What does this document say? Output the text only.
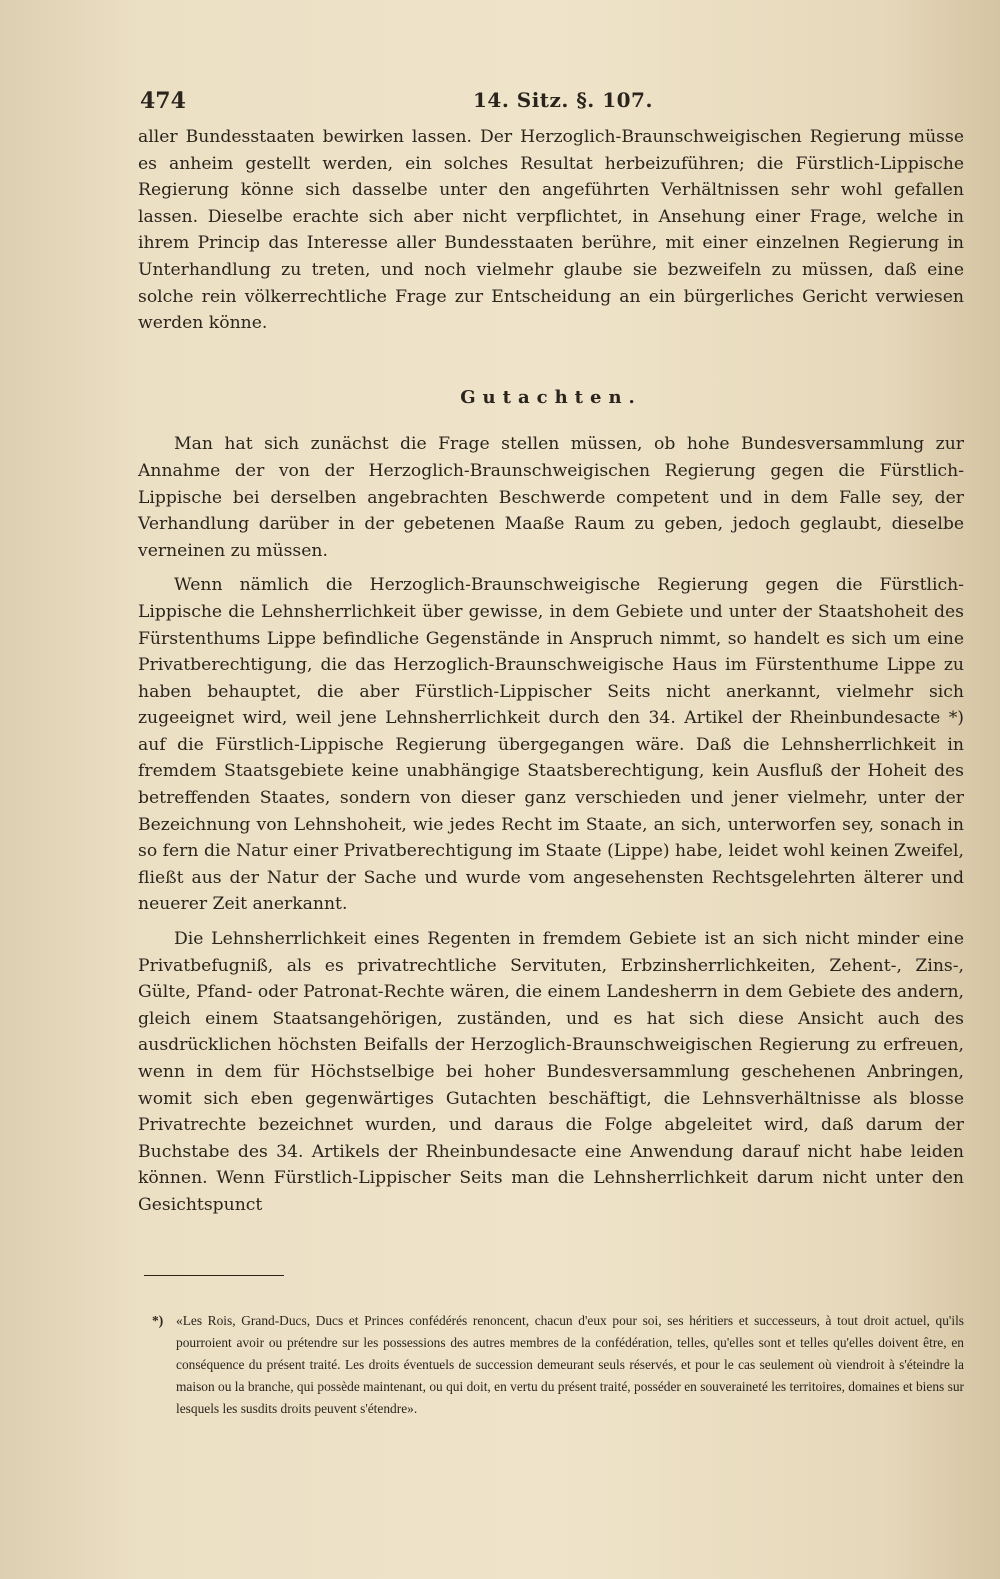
474	14. Sitz. §. 107.

aller Bundesstaaten bewirken lassen. Der Herzoglich-Braunschweigischen Regierung müsse es anheim gestellt werden, ein solches Resultat herbeizuführen; die Fürstlich-Lippische Regierung könne sich dasselbe unter den angeführten Verhältnissen sehr wohl gefallen lassen. Dieselbe erachte sich aber nicht verpflichtet, in Ansehung einer Frage, welche in ihrem Princip das Interesse aller Bundesstaaten berühre, mit einer einzelnen Regierung in Unterhandlung zu treten, und noch vielmehr glaube sie bezweifeln zu müssen, daß eine solche rein völkerrechtliche Frage zur Entscheidung an ein bürgerliches Gericht verwiesen werden könne.

Gutachten.

Man hat sich zunächst die Frage stellen müssen, ob hohe Bundesversammlung zur Annahme der von der Herzoglich-Braunschweigischen Regierung gegen die Fürstlich-Lippische bei derselben angebrachten Beschwerde competent und in dem Falle sey, der Verhandlung darüber in der gebetenen Maaße Raum zu geben, jedoch geglaubt, dieselbe verneinen zu müssen.

Wenn nämlich die Herzoglich-Braunschweigische Regierung gegen die Fürstlich-Lippische die Lehnsherrlichkeit über gewisse, in dem Gebiete und unter der Staatshoheit des Fürstenthums Lippe befindliche Gegenstände in Anspruch nimmt, so handelt es sich um eine Privatberechtigung, die das Herzoglich-Braunschweigische Haus im Fürstenthume Lippe zu haben behauptet, die aber Fürstlich-Lippischer Seits nicht anerkannt, vielmehr sich zugeeignet wird, weil jene Lehnsherrlichkeit durch den 34. Artikel der Rheinbundesacte *) auf die Fürstlich-Lippische Regierung übergegangen wäre. Daß die Lehnsherrlichkeit in fremdem Staatsgebiete keine unabhängige Staatsberechtigung, kein Ausfluß der Hoheit des betreffenden Staates, sondern von dieser ganz verschieden und jener vielmehr, unter der Bezeichnung von Lehnshoheit, wie jedes Recht im Staate, an sich, unterworfen sey, sonach in so fern die Natur einer Privatberechtigung im Staate (Lippe) habe, leidet wohl keinen Zweifel, fließt aus der Natur der Sache und wurde vom angesehensten Rechtsgelehrten älterer und neuerer Zeit anerkannt.

Die Lehnsherrlichkeit eines Regenten in fremdem Gebiete ist an sich nicht minder eine Privatbefugniß, als es privatrechtliche Servituten, Erbzinsherrlichkeiten, Zehent-, Zins-, Gülte, Pfand- oder Patronat-Rechte wären, die einem Landesherrn in dem Gebiete des andern, gleich einem Staatsangehörigen, zuständen, und es hat sich diese Ansicht auch des ausdrücklichen höchsten Beifalls der Herzoglich-Braunschweigischen Regierung zu erfreuen, wenn in dem für Höchstselbige bei hoher Bundesversammlung geschehenen Anbringen, womit sich eben gegenwärtiges Gutachten beschäftigt, die Lehnsverhältnisse als blosse Privatrechte bezeichnet wurden, und daraus die Folge abgeleitet wird, daß darum der Buchstabe des 34. Artikels der Rheinbundesacte eine Anwendung darauf nicht habe leiden können. Wenn Fürstlich-Lippischer Seits man die Lehnsherrlichkeit darum nicht unter den Gesichtspunct

*) «Les Rois, Grand-Ducs, Ducs et Princes confédérés renoncent, chacun d'eux pour soi, ses héritiers et successeurs, à tout droit actuel, qu'ils pourroient avoir ou prétendre sur les possessions des autres membres de la confédération, telles, qu'elles sont et telles qu'elles doivent être, en conséquence du présent traité. Les droits éventuels de succession demeurant seuls réservés, et pour le cas seulement où viendroit à s'éteindre la maison ou la branche, qui possède maintenant, ou qui doit, en vertu du présent traité, posséder en souveraineté les territoires, domaines et biens sur lesquels les susdits droits peuvent s'étendre».
